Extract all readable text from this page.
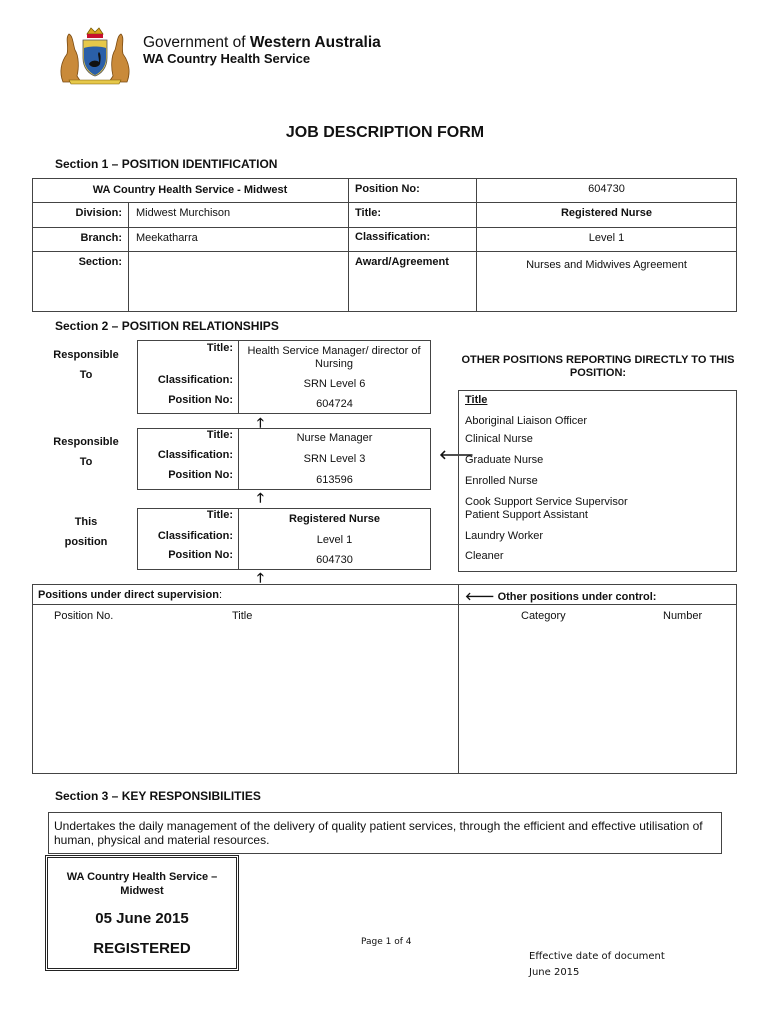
Government of Western Australia
WA Country Health Service
JOB DESCRIPTION FORM
Section 1 – POSITION IDENTIFICATION
WA Country Health Service - Midwest	Position No:	604730
Division: Midwest Murchison	Title:	Registered Nurse
Branch: Meekatharra	Classification:	Level 1
Section:	Award/Agreement	Nurses and Midwives Agreement
Section 2 – POSITION RELATIONSHIPS
Responsible
To
Responsible
To
This
position
Title:	Health Service Manager/ director of Nursing
Classification:	SRN Level 6
Position No:	604724
🡑
Title:	Nurse Manager
Classification:	SRN Level 3
Position No:	613596
🡐
🡑
Title:	Registered Nurse
Classification:	Level 1
Position No:	604730
🡑
OTHER POSITIONS REPORTING DIRECTLY TO THIS POSITION:
Title
Aboriginal Liaison Officer
Clinical Nurse
Graduate Nurse
Enrolled Nurse
Cook Support Service Supervisor
Patient Support Assistant
Laundry Worker
Cleaner
Positions under direct supervision:
Position No.	Title
🡐 Other positions under control:
Category	Number
Section 3 – KEY RESPONSIBILITIES
Undertakes the daily management of the delivery of quality patient services, through the efficient and effective utilisation of human, physical and material resources.
WA Country Health Service – Midwest
05 June 2015
REGISTERED	Page 1 of 4
Effective date of document
June 2015
